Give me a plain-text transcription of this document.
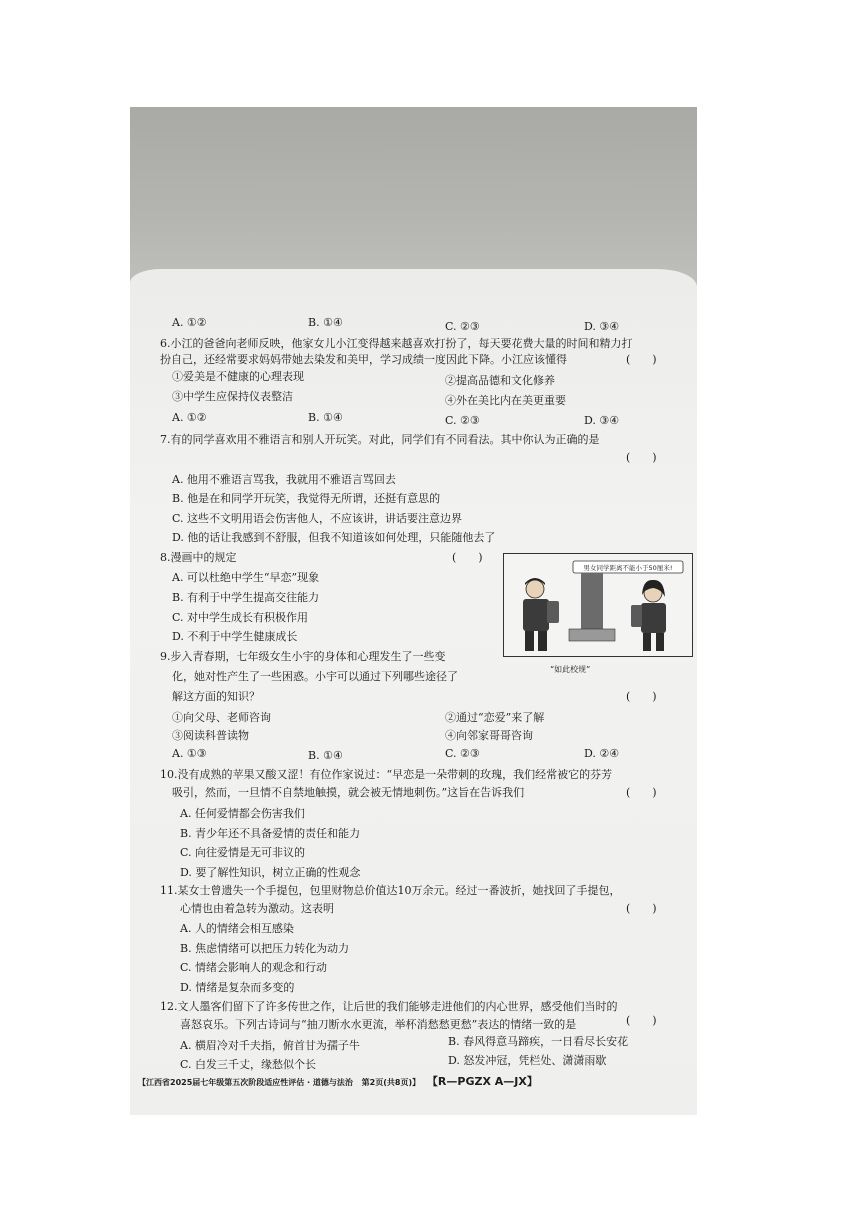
A. ①②	B. ①④	C. ②③	D. ③④
6.小江的爸爸向老师反映，他家女儿小江变得越来越喜欢打扮了，每天要花费大量的时间和精力打
扮自己，还经常要求妈妈带她去染发和美甲，学习成绩一度因此下降。小江应该懂得	(　　)
①爱美是不健康的心理表现	②提高品德和文化修养
③中学生应保持仪表整洁	④外在美比内在美更重要
A. ①②	B. ①④	C. ②③	D. ③④
7.有的同学喜欢用不雅语言和别人开玩笑。对此，同学们有不同看法。其中你认为正确的是
(　　)
A. 他用不雅语言骂我，我就用不雅语言骂回去
B. 他是在和同学开玩笑，我觉得无所谓，还挺有意思的
C. 这些不文明用语会伤害他人，不应该讲，讲话要注意边界
D. 他的话让我感到不舒服，但我不知道该如何处理，只能随他去了
8.漫画中的规定	(　　)
A. 可以杜绝中学生“早恋”现象
B. 有利于中学生提高交往能力
C. 对中学生成长有积极作用
D. 不利于中学生健康成长
男女同学距离不能小于50厘米!
“如此校规”
9.步入青春期，七年级女生小宇的身体和心理发生了一些变
化，她对性产生了一些困惑。小宇可以通过下列哪些途径了
解这方面的知识？	(　　)
①向父母、老师咨询	②通过“恋爱”来了解
③阅读科普读物	④向邻家哥哥咨询
A. ①③	B. ①④	C. ②③	D. ②④
10.没有成熟的苹果又酸又涩！有位作家说过：“早恋是一朵带刺的玫瑰，我们经常被它的芬芳
吸引，然而，一旦情不自禁地触摸，就会被无情地刺伤。”这旨在告诉我们	(　　)
A. 任何爱情都会伤害我们
B. 青少年还不具备爱情的责任和能力
C. 向往爱情是无可非议的
D. 要了解性知识，树立正确的性观念
11.某女士曾遗失一个手提包，包里财物总价值达10万余元。经过一番波折，她找回了手提包，
心情也由着急转为激动。这表明	(　　)
A. 人的情绪会相互感染
B. 焦虑情绪可以把压力转化为动力
C. 情绪会影响人的观念和行动
D. 情绪是复杂而多变的
12.文人墨客们留下了许多传世之作，让后世的我们能够走进他们的内心世界，感受他们当时的
喜怒哀乐。下列古诗词与“抽刀断水水更流，举杯消愁愁更愁”表达的情绪一致的是	(　　)
A. 横眉冷对千夫指，俯首甘为孺子牛	B. 春风得意马蹄疾，一日看尽长安花
C. 白发三千丈，缘愁似个长	D. 怒发冲冠，凭栏处、潇潇雨歇
【江西省2025届七年级第五次阶段适应性评估 · 道德与法治 第2页(共8页)】 【R—PGZX A—JX】
